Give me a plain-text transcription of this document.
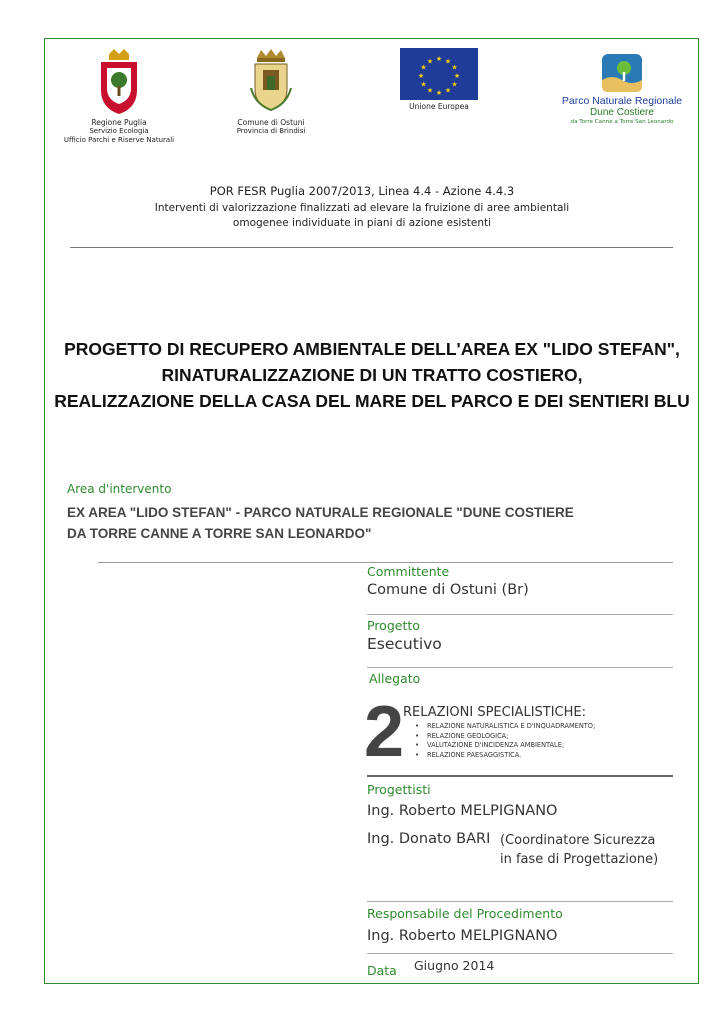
Regione Puglia
Servizio Ecologia
Ufficio Parchi e Riserve Naturali
Comune di Ostuni
Provincia di Brindisi
★ ★
★
★
★
★
★
★
★
★
★
★
Unione Europea	Parco Naturale Regionale
Dune Costiere
da Torre Canne a Torre San Leonardo
POR FESR Puglia 2007/2013, Linea 4.4 - Azione 4.4.3
Interventi di valorizzazione finalizzati ad elevare la fruizione di aree ambientali
omogenee individuate in piani di azione esistenti
PROGETTO DI RECUPERO AMBIENTALE DELL'AREA EX "LIDO STEFAN",
RINATURALIZZAZIONE DI UN TRATTO COSTIERO,
REALIZZAZIONE DELLA CASA DEL MARE DEL PARCO E DEI SENTIERI BLU
Area d'intervento
EX AREA "LIDO STEFAN" - PARCO NATURALE REGIONALE "DUNE COSTIERE
DA TORRE CANNE A TORRE SAN LEONARDO"
Committente
Comune di Ostuni (Br)
Progetto
Esecutivo
Allegato
2
RELAZIONI SPECIALISTICHE:
• RELAZIONE NATURALISTICA E D'INQUADRAMENTO;
• RELAZIONE GEOLOGICA;
• VALUTAZIONE D'INCIDENZA AMBIENTALE;
• RELAZIONE PAESAGGISTICA.
Progettisti
Ing. Roberto MELPIGNANO
Ing. Donato BARI (Coordinatore Sicurezza
in fase di Progettazione)
Responsabile del Procedimento
Ing. Roberto MELPIGNANO
Data Giugno 2014
